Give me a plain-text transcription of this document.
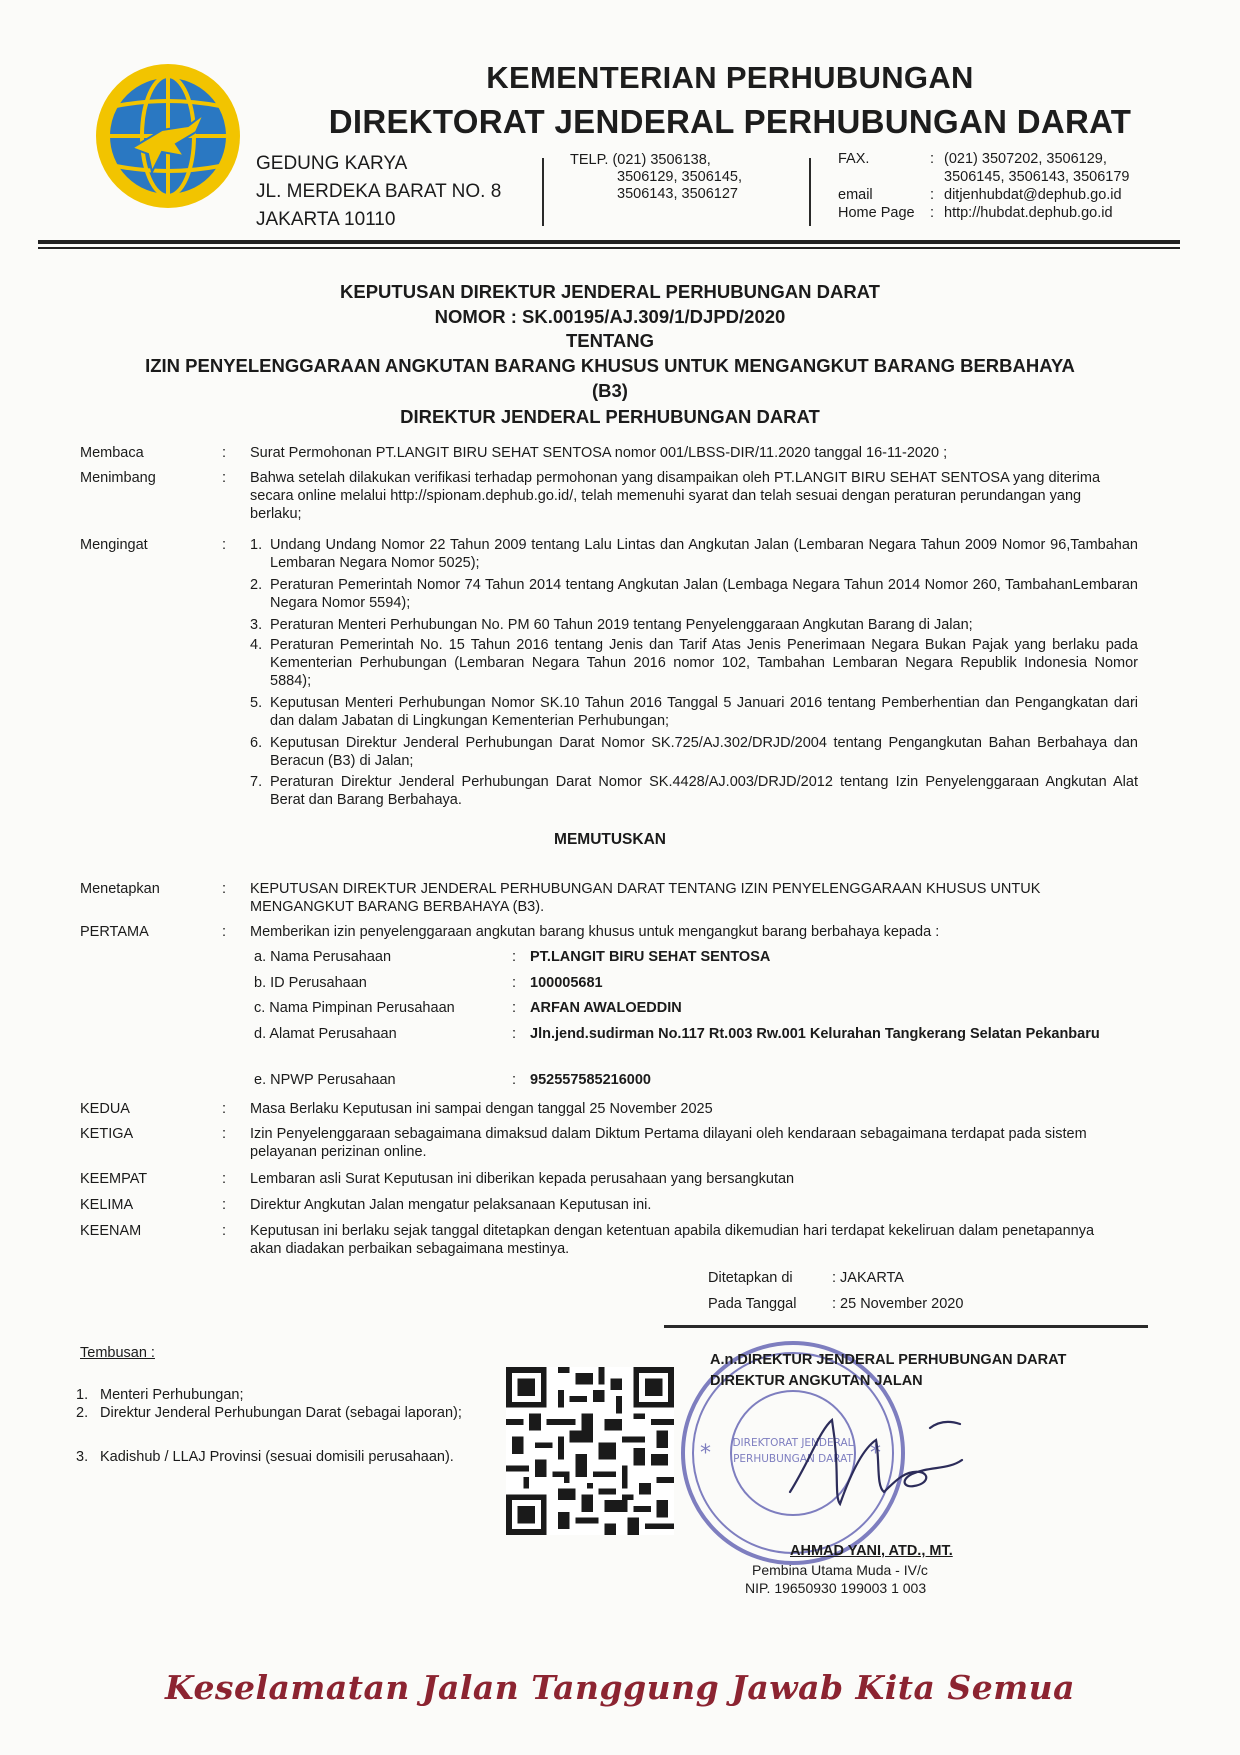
KEMENTERIAN PERHUBUNGAN
DIREKTORAT JENDERAL PERHUBUNGAN DARAT
GEDUNG KARYA
JL. MERDEKA BARAT NO. 8
JAKARTA 10110
TELP. (021) 3506138,
3506129, 3506145,
3506143, 3506127
FAX.	:	(021) 3507202, 3506129,
		3506145, 3506143, 3506179
email	:	ditjenhubdat@dephub.go.id
Home Page	:	http://hubdat.dephub.go.id
KEPUTUSAN DIREKTUR JENDERAL PERHUBUNGAN DARAT
NOMOR : SK.00195/AJ.309/1/DJPD/2020
TENTANG
IZIN PENYELENGGARAAN ANGKUTAN BARANG KHUSUS UNTUK MENGANGKUT BARANG BERBAHAYA
(B3)
DIREKTUR JENDERAL PERHUBUNGAN DARAT
Membaca	: Surat Permohonan PT.LANGIT BIRU SEHAT SENTOSA nomor 001/LBSS-DIR/11.2020 tanggal 16-11-2020 ;
Menimbang	: Bahwa setelah dilakukan verifikasi terhadap permohonan yang disampaikan oleh PT.LANGIT BIRU SEHAT SENTOSA yang diterima secara online melalui http://spionam.dephub.go.id/, telah memenuhi syarat dan telah sesuai dengan peraturan perundangan yang berlaku;
Mengingat	: 1. Undang Undang Nomor 22 Tahun 2009 tentang Lalu Lintas dan Angkutan Jalan (Lembaran Negara Tahun 2009 Nomor 96,Tambahan Lembaran Negara Nomor 5025);
2. Peraturan Pemerintah Nomor 74 Tahun 2014 tentang Angkutan Jalan (Lembaga Negara Tahun 2014 Nomor 260, TambahanLembaran Negara Nomor 5594);
3. Peraturan Menteri Perhubungan No. PM 60 Tahun 2019 tentang Penyelenggaraan Angkutan Barang di Jalan;
4. Peraturan Pemerintah No. 15 Tahun 2016 tentang Jenis dan Tarif Atas Jenis Penerimaan Negara Bukan Pajak yang berlaku pada Kementerian Perhubungan (Lembaran Negara Tahun 2016 nomor 102, Tambahan Lembaran Negara Republik Indonesia Nomor 5884);
5. Keputusan Menteri Perhubungan Nomor SK.10 Tahun 2016 Tanggal 5 Januari 2016 tentang Pemberhentian dan Pengangkatan dari dan dalam Jabatan di Lingkungan Kementerian Perhubungan;
6. Keputusan Direktur Jenderal Perhubungan Darat Nomor SK.725/AJ.302/DRJD/2004 tentang Pengangkutan Bahan Berbahaya dan Beracun (B3) di Jalan;
7. Peraturan Direktur Jenderal Perhubungan Darat Nomor SK.4428/AJ.003/DRJD/2012 tentang Izin Penyelenggaraan Angkutan Alat Berat dan Barang Berbahaya.
MEMUTUSKAN
Menetapkan	: KEPUTUSAN DIREKTUR JENDERAL PERHUBUNGAN DARAT TENTANG IZIN PENYELENGGARAAN KHUSUS UNTUK MENGANGKUT BARANG BERBAHAYA (B3).
PERTAMA	: Memberikan izin penyelenggaraan angkutan barang khusus untuk mengangkut barang berbahaya kepada :
a. Nama Perusahaan	: PT.LANGIT BIRU SEHAT SENTOSA
b. ID Perusahaan	: 100005681
c. Nama Pimpinan Perusahaan	: ARFAN AWALOEDDIN
d. Alamat Perusahaan	: Jln.jend.sudirman No.117 Rt.003 Rw.001 Kelurahan Tangkerang Selatan Pekanbaru
e. NPWP Perusahaan	: 952557585216000
KEDUA	: Masa Berlaku Keputusan ini sampai dengan tanggal 25 November 2025
KETIGA	: Izin Penyelenggaraan sebagaimana dimaksud dalam Diktum Pertama dilayani oleh kendaraan sebagaimana terdapat pada sistem pelayanan perizinan online.
KEEMPAT	: Lembaran asli Surat Keputusan ini diberikan kepada perusahaan yang bersangkutan
KELIMA	: Direktur Angkutan Jalan mengatur pelaksanaan Keputusan ini.
KEENAM	: Keputusan ini berlaku sejak tanggal ditetapkan dengan ketentuan apabila dikemudian hari terdapat kekeliruan dalam penetapannya akan diadakan perbaikan sebagaimana mestinya.
Ditetapkan di	: JAKARTA
Pada Tanggal : 25 November 2020
Tembusan :
1. Menteri Perhubungan;
2. Direktur Jenderal Perhubungan Darat (sebagai laporan);
3. Kadishub / LLAJ Provinsi (sesuai domisili perusahaan).	*	*
DIREKTORAT JENDERAL
PERHUBUNGAN DARAT
A.n.DIREKTUR JENDERAL PERHUBUNGAN DARAT
DIREKTUR ANGKUTAN JALAN
AHMAD YANI, ATD., MT.
Pembina Utama Muda - IV/c
NIP. 19650930 199003 1 003
Keselamatan Jalan Tanggung Jawab Kita Semua
